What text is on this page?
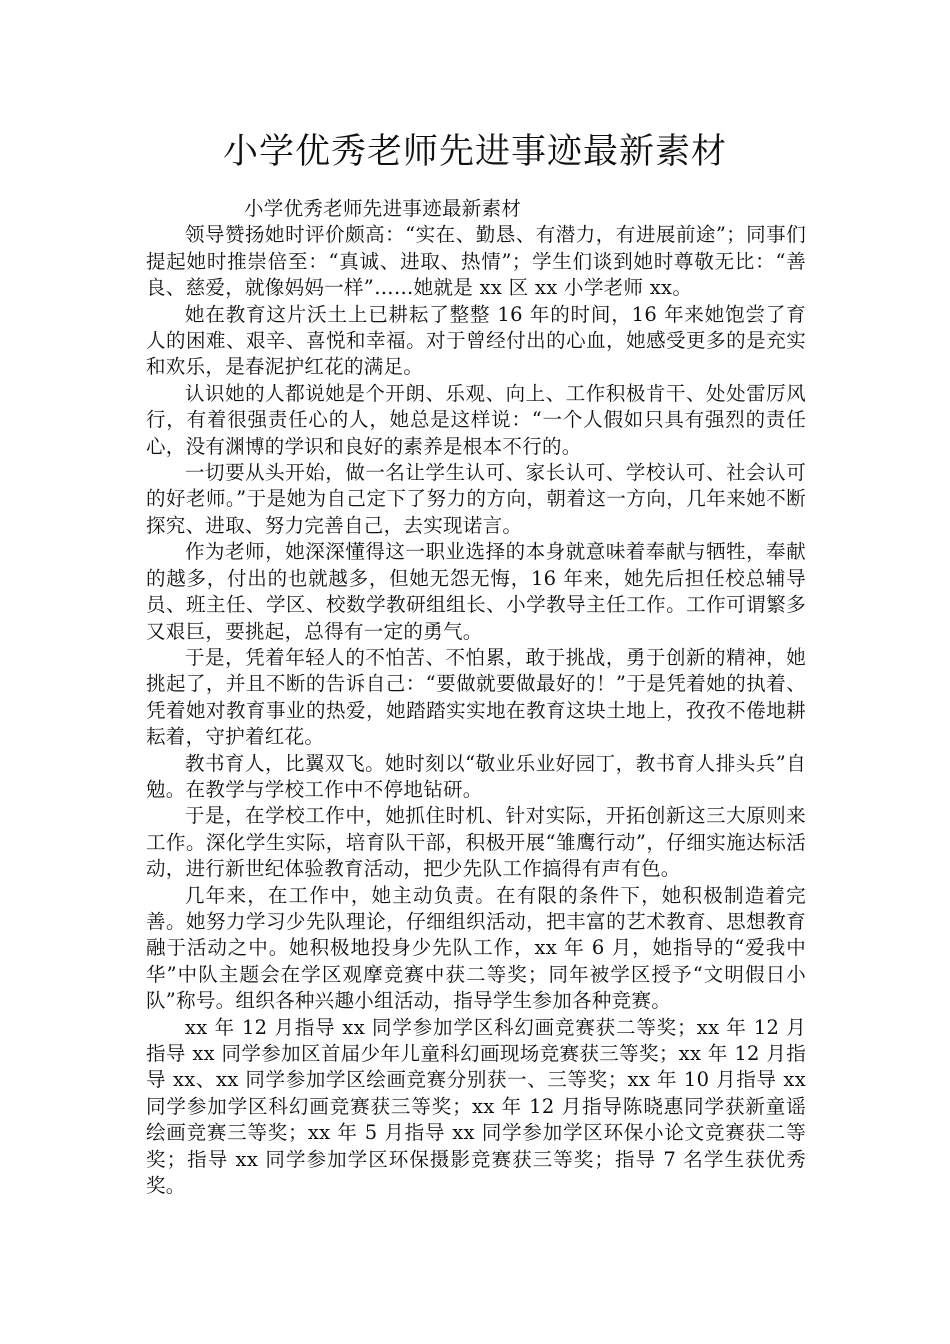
小学优秀老师先进事迹最新素材

小学优秀老师先进事迹最新素材

领导赞扬她时评价颇高：“实在、勤恳、有潜力，有进展前途”；同事们提起她时推崇倍至：“真诚、进取、热情”；学生们谈到她时尊敬无比：“善良、慈爱，就像妈妈一样”……她就是 xx 区 xx 小学老师 xx。

她在教育这片沃土上已耕耘了整整 16 年的时间，16 年来她饱尝了育人的困难、艰辛、喜悦和幸福。对于曾经付出的心血，她感受更多的是充实和欢乐，是春泥护红花的满足。

认识她的人都说她是个开朗、乐观、向上、工作积极肯干、处处雷厉风行，有着很强责任心的人，她总是这样说：“一个人假如只具有强烈的责任心，没有渊博的学识和良好的素养是根本不行的。

一切要从头开始，做一名让学生认可、家长认可、学校认可、社会认可的好老师。”于是她为自己定下了努力的方向，朝着这一方向，几年来她不断探究、进取、努力完善自己，去实现诺言。

作为老师，她深深懂得这一职业选择的本身就意味着奉献与牺牲，奉献的越多，付出的也就越多，但她无怨无悔，16 年来，她先后担任校总辅导员、班主任、学区、校数学教研组组长、小学教导主任工作。工作可谓繁多又艰巨，要挑起，总得有一定的勇气。

于是，凭着年轻人的不怕苦、不怕累，敢于挑战，勇于创新的精神，她挑起了，并且不断的告诉自己：“要做就要做最好的！”于是凭着她的执着、凭着她对教育事业的热爱，她踏踏实实地在教育这块土地上，孜孜不倦地耕耘着，守护着红花。

教书育人，比翼双飞。她时刻以“敬业乐业好园丁，教书育人排头兵”自勉。在教学与学校工作中不停地钻研。

于是，在学校工作中，她抓住时机、针对实际，开拓创新这三大原则来工作。深化学生实际，培育队干部，积极开展“雏鹰行动”，仔细实施达标活动，进行新世纪体验教育活动，把少先队工作搞得有声有色。

几年来，在工作中，她主动负责。在有限的条件下，她积极制造着完善。她努力学习少先队理论，仔细组织活动，把丰富的艺术教育、思想教育融于活动之中。她积极地投身少先队工作，xx 年 6 月，她指导的“爱我中华”中队主题会在学区观摩竞赛中获二等奖；同年被学区授予“文明假日小队”称号。组织各种兴趣小组活动，指导学生参加各种竞赛。

xx 年 12 月指导 xx 同学参加学区科幻画竞赛获二等奖；xx 年 12 月指导 xx 同学参加区首届少年儿童科幻画现场竞赛获三等奖；xx 年 12 月指导 xx、xx 同学参加学区绘画竞赛分别获一、三等奖；xx 年 10 月指导 xx 同学参加学区科幻画竞赛获三等奖；xx 年 12 月指导陈晓惠同学获新童谣绘画竞赛三等奖；xx 年 5 月指导 xx 同学参加学区环保小论文竞赛获二等奖；指导 xx 同学参加学区环保摄影竞赛获三等奖；指导 7 名学生获优秀奖。
